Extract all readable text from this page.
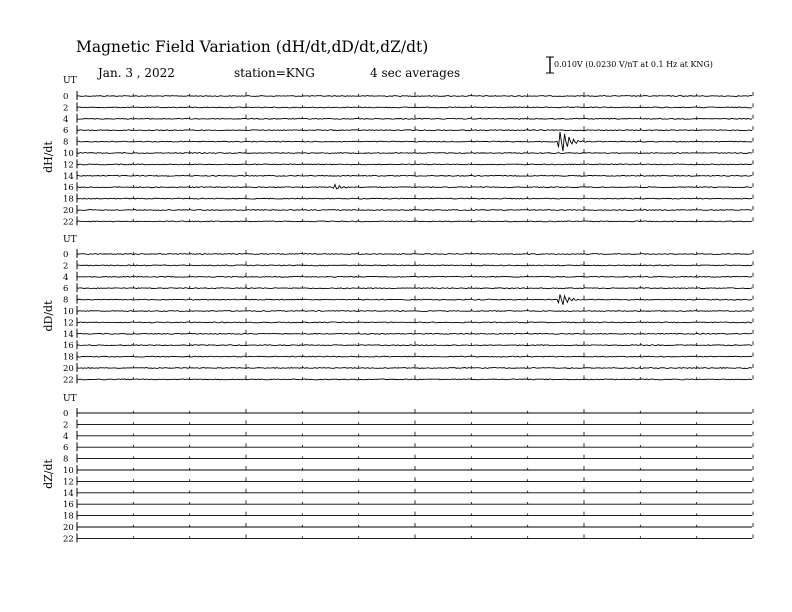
UT
dH/dt
0
2
4
6
8
10
12
14
16
18
20
22
UT
dD/dt
0
2
4
6
8
10
12
14
16
18
20
22
UT
dZ/dt
0
2
4
6
8
10
12
14
16
18
20
22
Magnetic Field Variation (dH/dt,dD/dt,dZ/dt)
Jan. 3 , 2022	station=KNG	4 sec averages
0.010V (0.0230 V/nT at 0.1 Hz at KNG)
